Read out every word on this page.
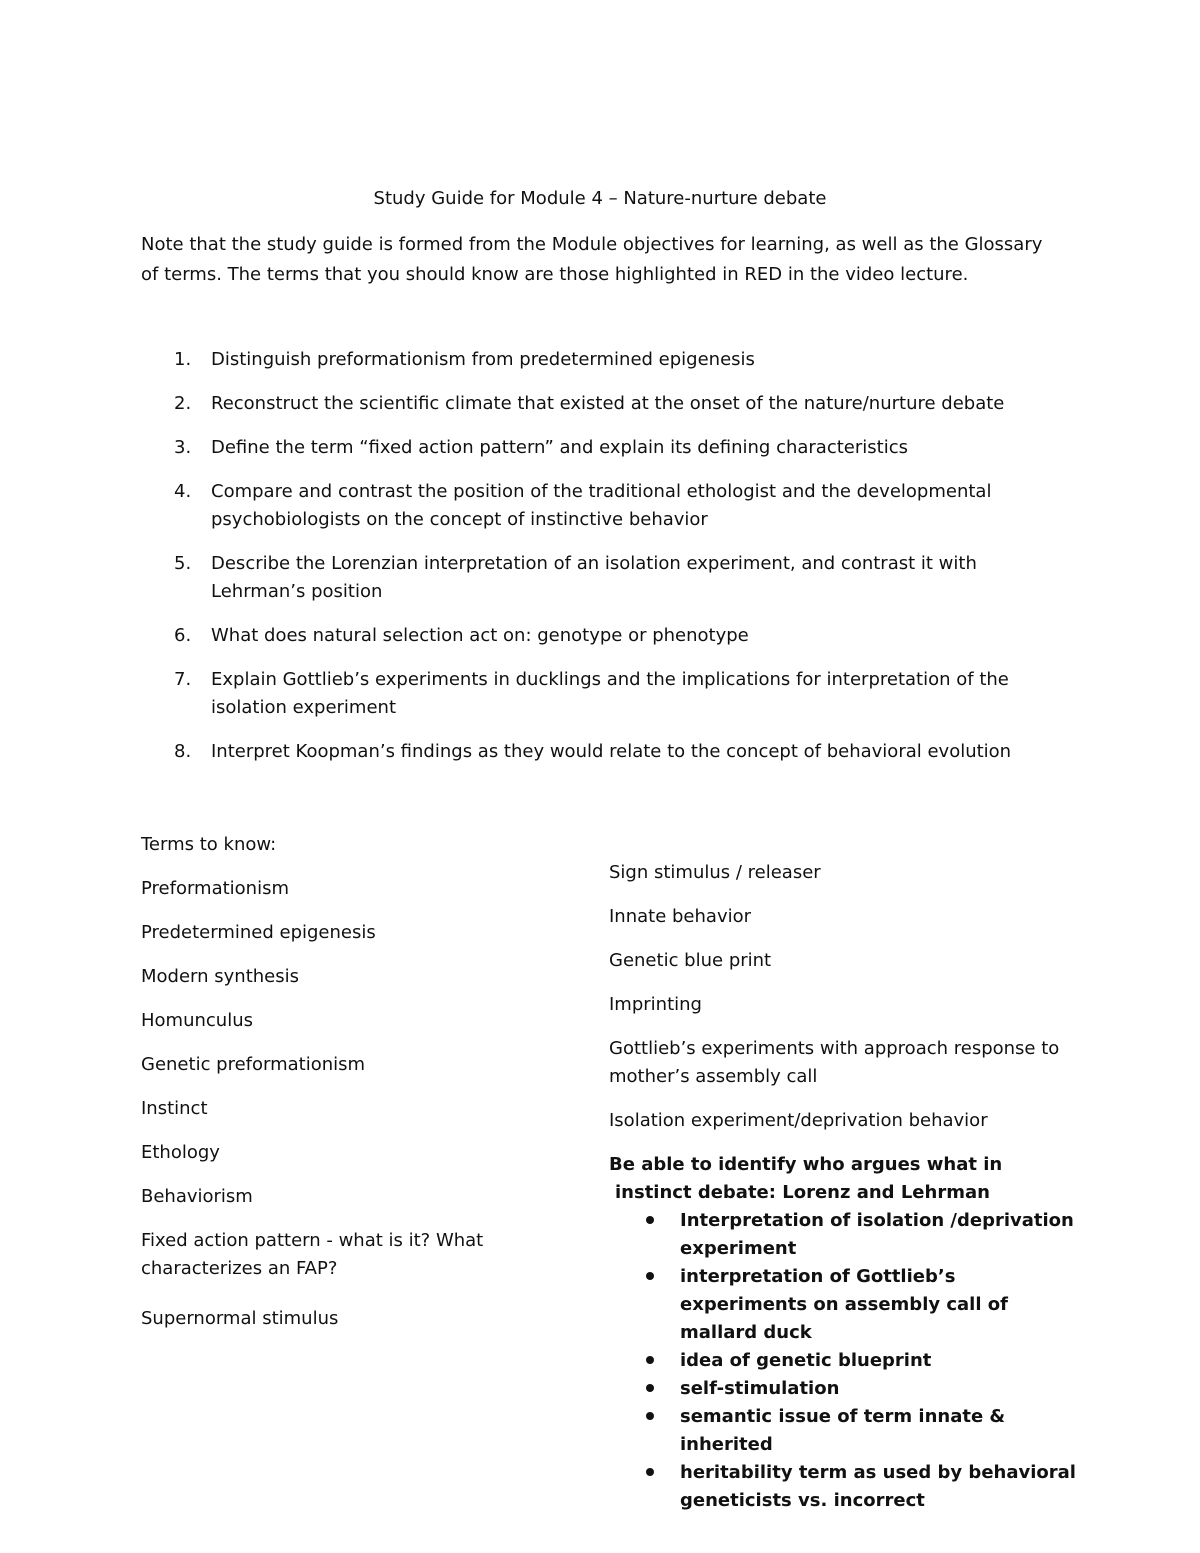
Study Guide for Module 4 – Nature-nurture debate
Note that the study guide is formed from the Module objectives for learning, as well as the Glossary of terms. The terms that you should know are those highlighted in RED in the video lecture.
1. Distinguish preformationism from predetermined epigenesis
2. Reconstruct the scientific climate that existed at the onset of the nature/nurture debate
3. Define the term “fixed action pattern” and explain its defining characteristics
4. Compare and contrast the position of the traditional ethologist and the developmental psychobiologists on the concept of instinctive behavior
5. Describe the Lorenzian interpretation of an isolation experiment, and contrast it with Lehrman’s position
6. What does natural selection act on: genotype or phenotype
7. Explain Gottlieb’s experiments in ducklings and the implications for interpretation of the isolation experiment
8. Interpret Koopman’s findings as they would relate to the concept of behavioral evolution
Terms to know:
Preformationism
Predetermined epigenesis
Modern synthesis
Homunculus
Genetic preformationism
Instinct
Ethology
Behaviorism
Fixed action pattern - what is it? What characterizes an FAP?
Supernormal stimulus
Sign stimulus / releaser
Innate behavior
Genetic blue print
Imprinting
Gottlieb’s experiments with approach response to mother’s assembly call
Isolation experiment/deprivation behavior
Be able to identify who argues what in
instinct debate: Lorenz and Lehrman
Interpretation of isolation /deprivation experiment
interpretation of Gottlieb’s experiments on assembly call of mallard duck
idea of genetic blueprint
self-stimulation
semantic issue of term innate & inherited
heritability term as used by behavioral geneticists vs. incorrect
